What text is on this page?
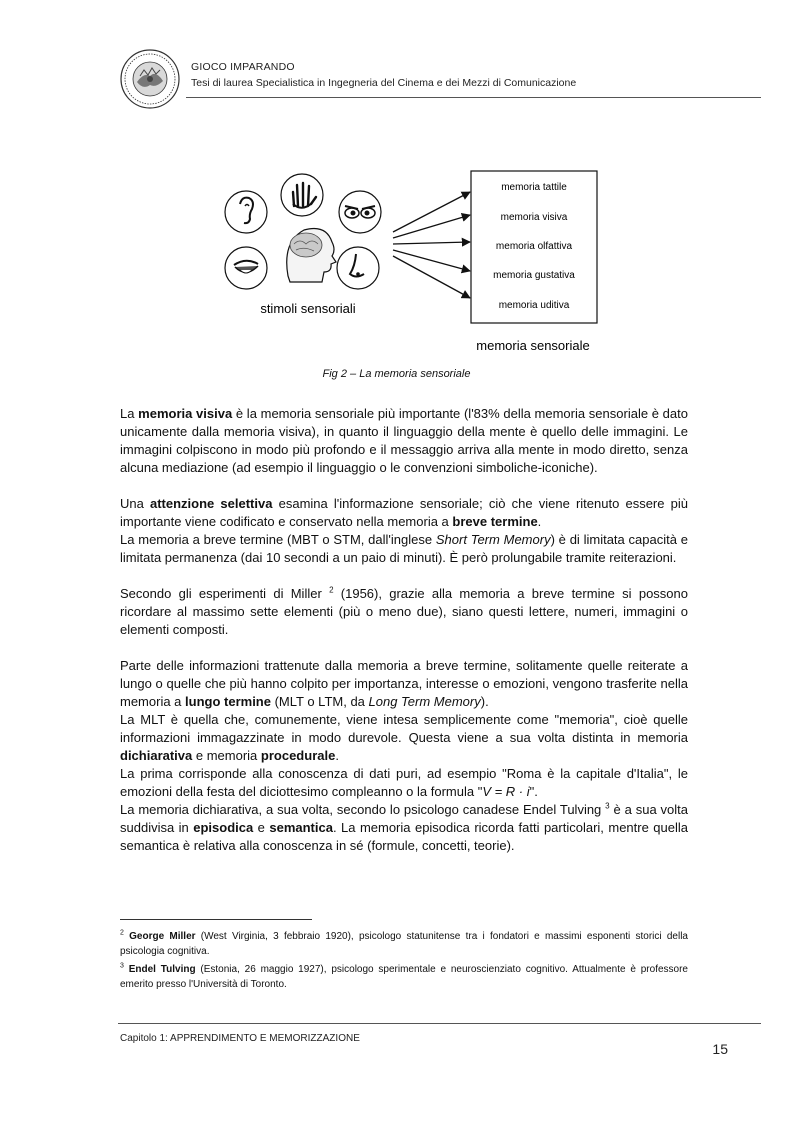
GIOCO IMPARANDO
Tesi di laurea Specialistica in Ingegneria del Cinema e dei Mezzi di Comunicazione
memoria tattile
memoria visiva
memoria olfattiva
memoria gustativa
memoria uditiva
stimoli sensoriali
memoria sensoriale
Fig 2 – La memoria sensoriale

La memoria visiva è la memoria sensoriale più importante (l'83% della memoria sensoriale è dato unicamente dalla memoria visiva), in quanto il linguaggio della mente è quello delle immagini. Le immagini colpiscono in modo più profondo e il messaggio arriva alla mente in modo diretto, senza alcuna mediazione (ad esempio il linguaggio o le convenzioni simboliche-iconiche).

Una attenzione selettiva esamina l'informazione sensoriale; ciò che viene ritenuto essere più importante viene codificato e conservato nella memoria a breve termine.

La memoria a breve termine (MBT o STM, dall'inglese Short Term Memory) è di limitata capacità e limitata permanenza (dai 10 secondi a un paio di minuti). È però prolungabile tramite reiterazioni.

Secondo gli esperimenti di Miller $^2$ (1956), grazie alla memoria a breve termine si possono ricordare al massimo sette elementi (più o meno due), siano questi lettere, numeri, immagini o elementi composti.

Parte delle informazioni trattenute dalla memoria a breve termine, solitamente quelle reiterate a lungo o quelle che più hanno colpito per importanza, interesse o emozioni, vengono trasferite nella memoria a lungo termine (MLT o LTM, da Long Term Memory).

La MLT è quella che, comunemente, viene intesa semplicemente come "memoria", cioè quelle informazioni immagazzinate in modo durevole. Questa viene a sua volta distinta in memoria dichiarativa e memoria procedurale.

La prima corrisponde alla conoscenza di dati puri, ad esempio "Roma è la capitale d'Italia", le emozioni della festa del diciottesimo compleanno o la formula "V = R · i".

La memoria dichiarativa, a sua volta, secondo lo psicologo canadese Endel Tulving $^3$ è a sua volta suddivisa in episodica e semantica. La memoria episodica ricorda fatti particolari, mentre quella semantica è relativa alla conoscenza in sé (formule, concetti, teorie).

$^2$ George Miller (West Virginia, 3 febbraio 1920), psicologo statunitense tra i fondatori e massimi esponenti storici della psicologia cognitiva.
$^3$ Endel Tulving (Estonia, 26 maggio 1927), psicologo sperimentale e neuroscienziato cognitivo. Attualmente è professore emerito presso l'Università di Toronto.
Capitolo 1: APPRENDIMENTO E MEMORIZZAZIONE
15
